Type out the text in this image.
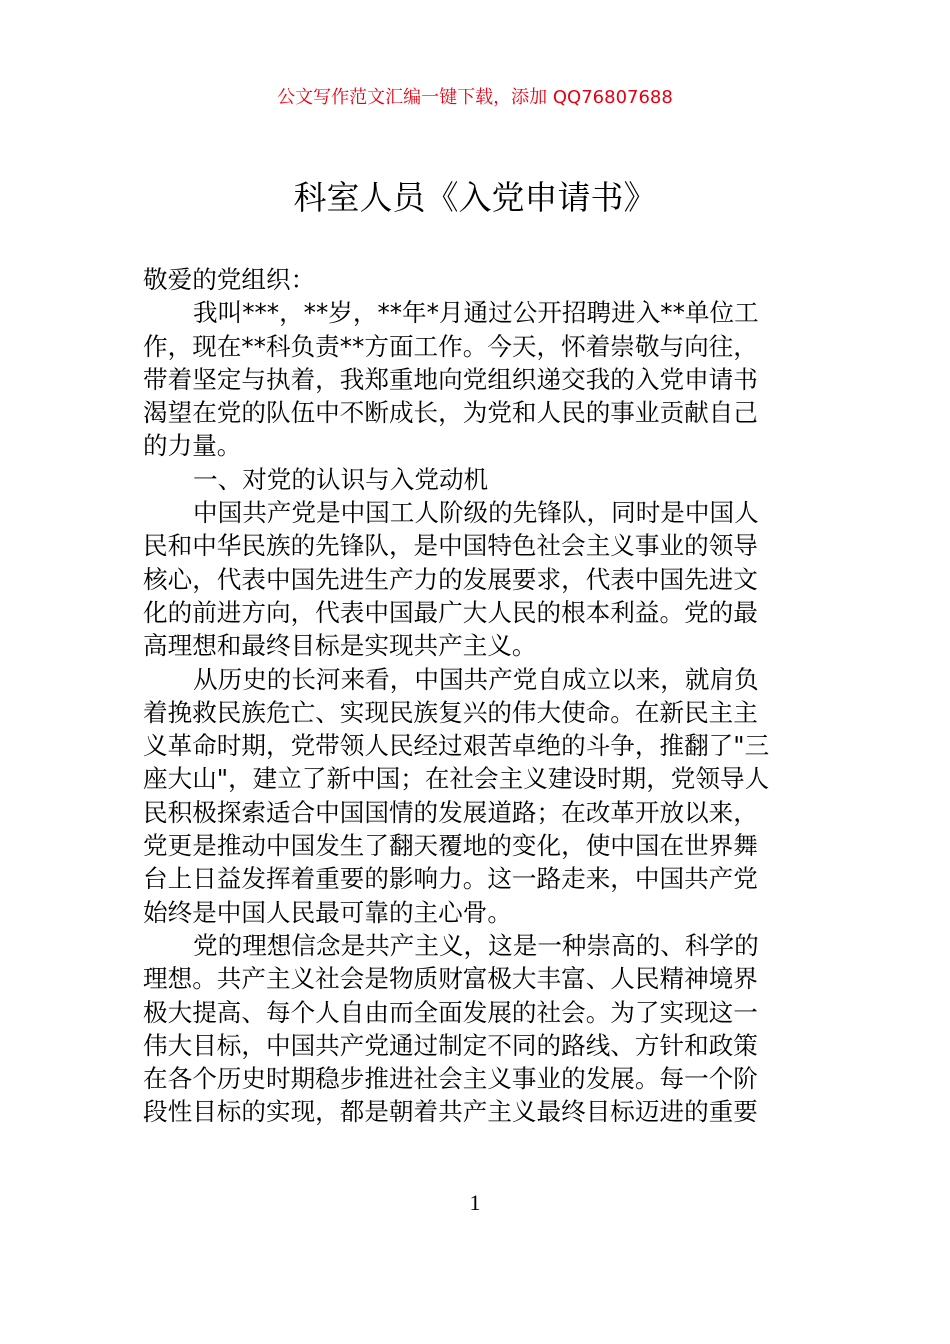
公文写作范文汇编一键下载，添加 QQ76807688
科室人员《入党申请书》
敬爱的党组织：
我叫***，**岁，**年*月通过公开招聘进入**单位工
作，现在**科负责**方面工作。今天，怀着崇敬与向往，
带着坚定与执着，我郑重地向党组织递交我的入党申请书
渴望在党的队伍中不断成长，为党和人民的事业贡献自己
的力量。
一、对党的认识与入党动机
中国共产党是中国工人阶级的先锋队，同时是中国人
民和中华民族的先锋队，是中国特色社会主义事业的领导
核心，代表中国先进生产力的发展要求，代表中国先进文
化的前进方向，代表中国最广大人民的根本利益。党的最
高理想和最终目标是实现共产主义。
从历史的长河来看，中国共产党自成立以来，就肩负
着挽救民族危亡、实现民族复兴的伟大使命。在新民主主
义革命时期，党带领人民经过艰苦卓绝的斗争，推翻了"三
座大山"，建立了新中国；在社会主义建设时期，党领导人
民积极探索适合中国国情的发展道路；在改革开放以来，
党更是推动中国发生了翻天覆地的变化，使中国在世界舞
台上日益发挥着重要的影响力。这一路走来，中国共产党
始终是中国人民最可靠的主心骨。
党的理想信念是共产主义，这是一种崇高的、科学的
理想。共产主义社会是物质财富极大丰富、人民精神境界
极大提高、每个人自由而全面发展的社会。为了实现这一
伟大目标，中国共产党通过制定不同的路线、方针和政策
在各个历史时期稳步推进社会主义事业的发展。每一个阶
段性目标的实现，都是朝着共产主义最终目标迈进的重要
1
